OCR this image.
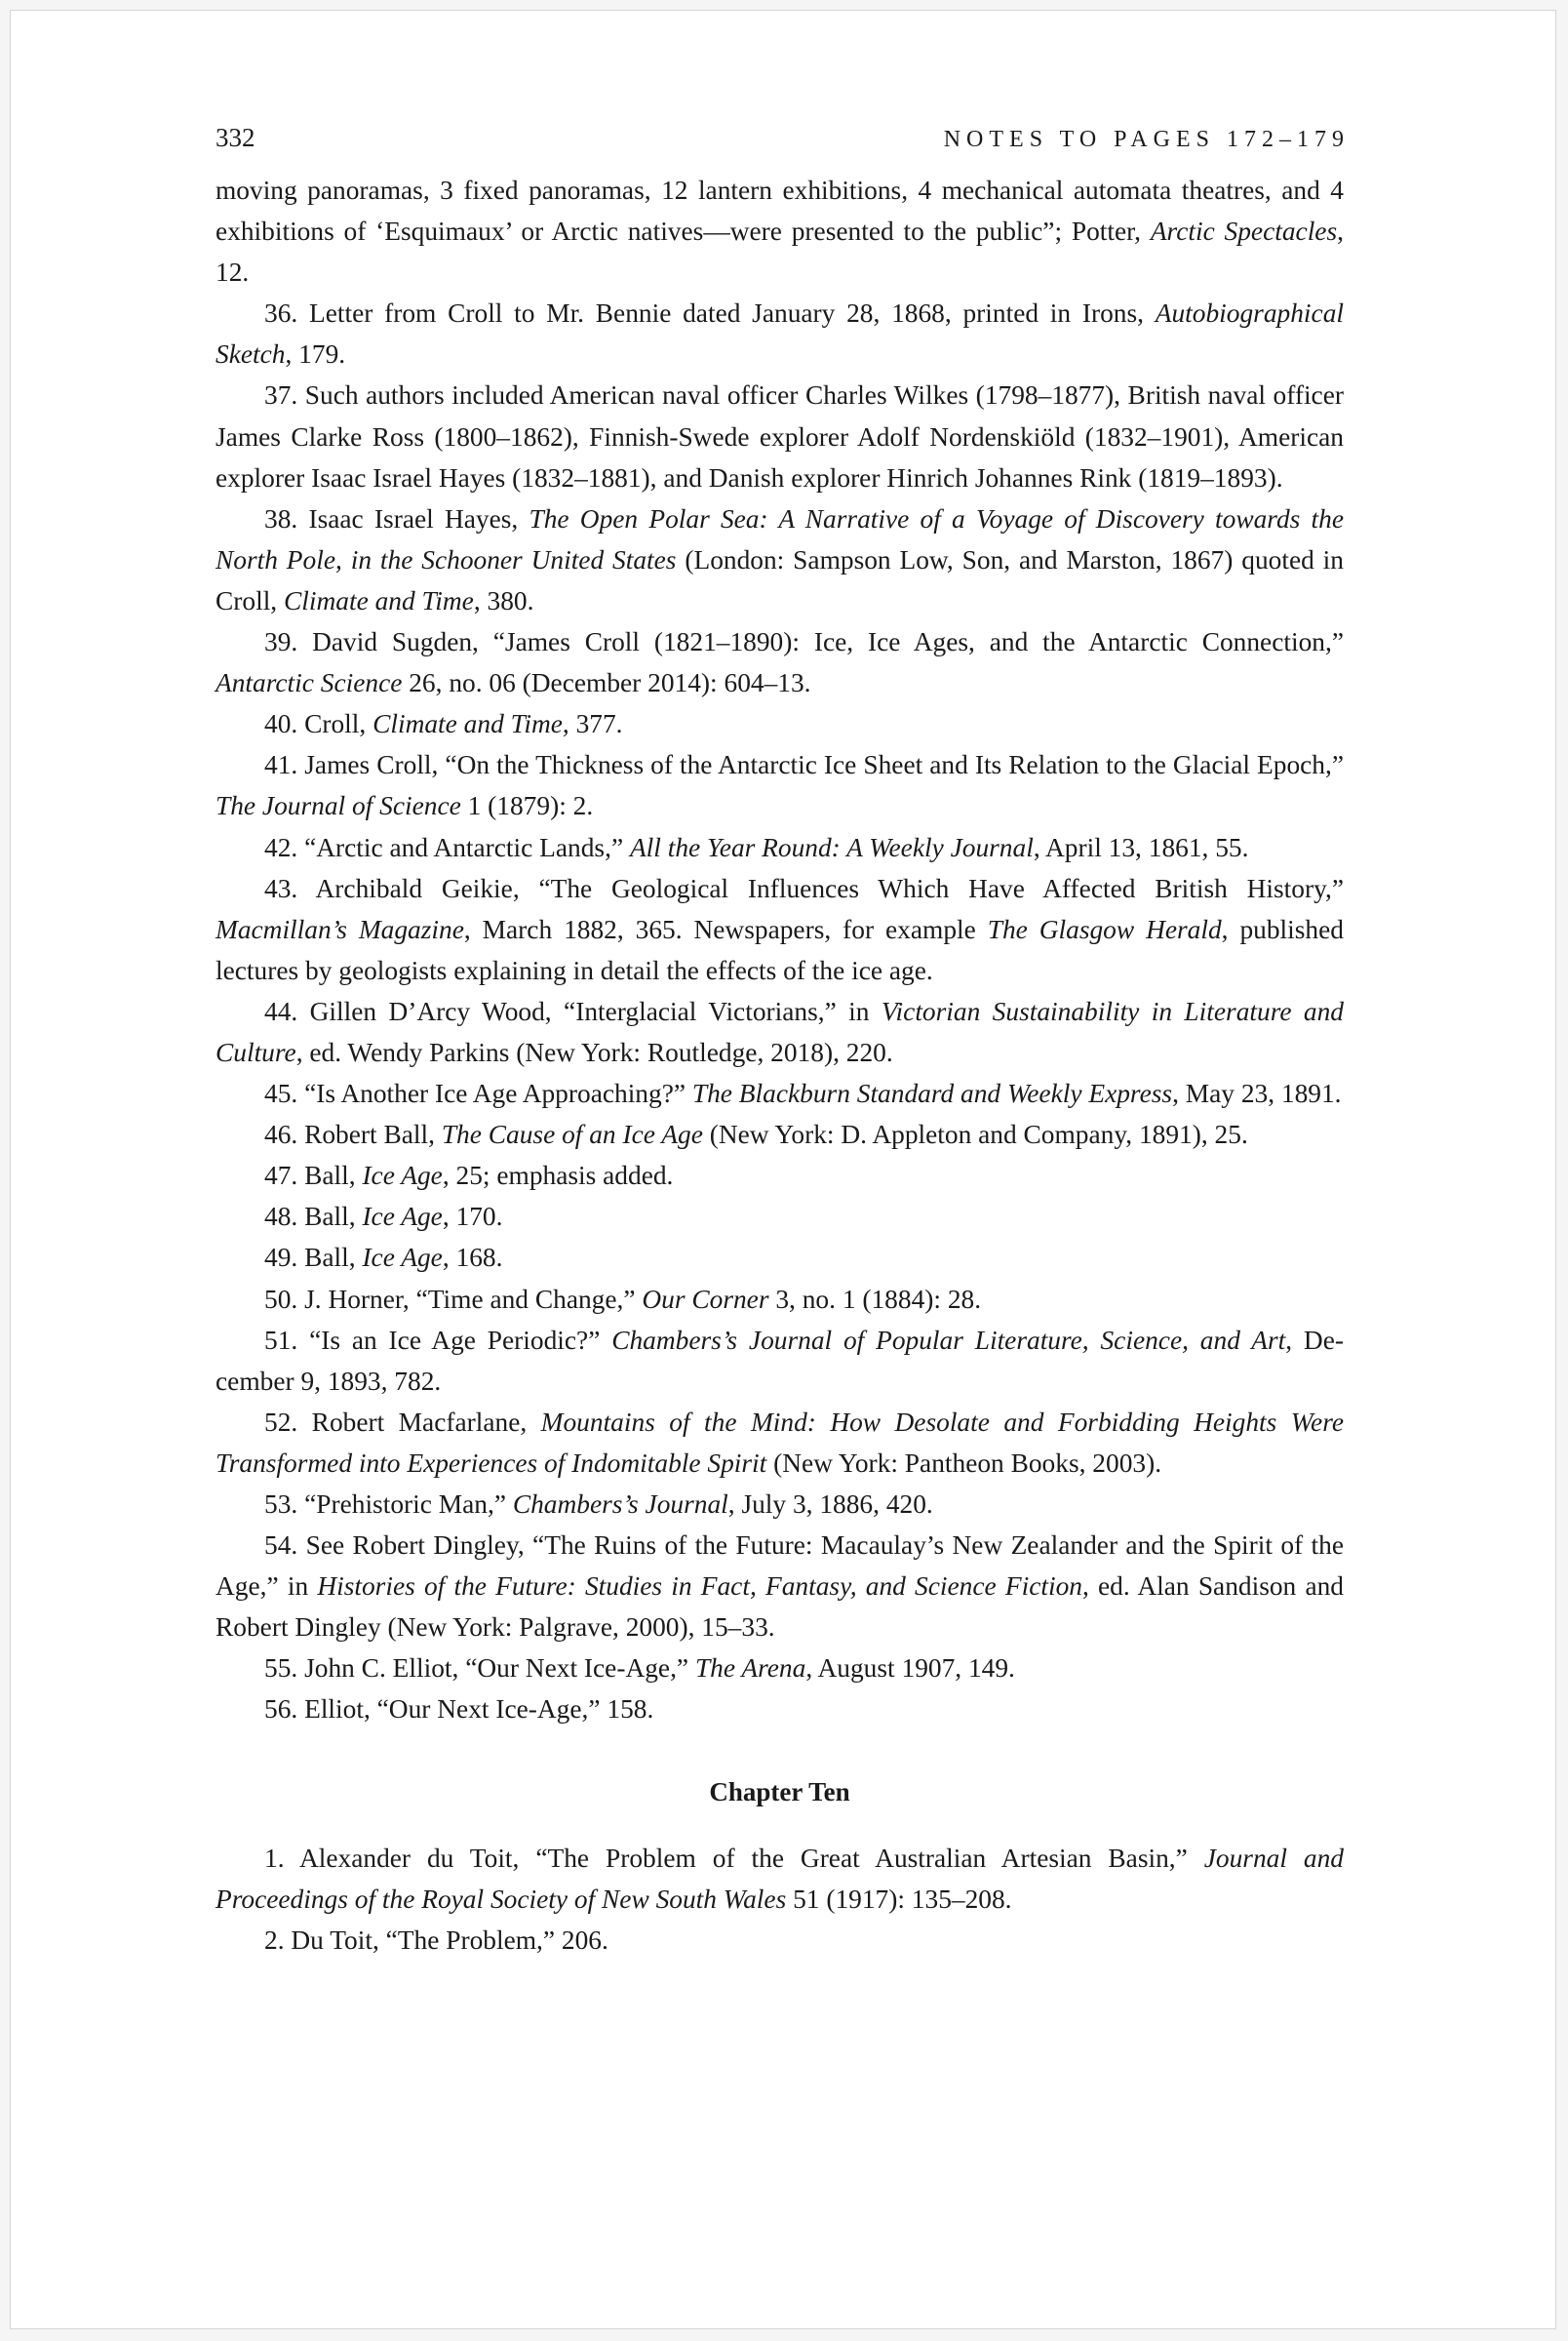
332	NOTES TO PAGES 172–179

moving panoramas, 3 fixed panoramas, 12 lantern exhibitions, 4 mechanical automata theatres, and 4 exhibitions of ‘Esquimaux’ or Arctic natives—were presented to the public”; Potter, Arctic Spectacles, 12.

36. Letter from Croll to Mr. Bennie dated January 28, 1868, printed in Irons, Autobiographical Sketch, 179.

37. Such authors included American naval officer Charles Wilkes (1798–1877), British naval officer James Clarke Ross (1800–1862), Finnish-Swede explorer Adolf Nordenskiöld (1832–1901), American explorer Isaac Israel Hayes (1832–1881), and Danish explorer Hinrich Johannes Rink (1819–1893).

38. Isaac Israel Hayes, The Open Polar Sea: A Narrative of a Voyage of Discovery towards the North Pole, in the Schooner United States (London: Sampson Low, Son, and Marston, 1867) quoted in Croll, Climate and Time, 380.

39. David Sugden, “James Croll (1821–1890): Ice, Ice Ages, and the Antarctic Connection,” Antarctic Science 26, no. 06 (December 2014): 604–13.

40. Croll, Climate and Time, 377.

41. James Croll, “On the Thickness of the Antarctic Ice Sheet and Its Relation to the Glacial Epoch,” The Journal of Science 1 (1879): 2.

42. “Arctic and Antarctic Lands,” All the Year Round: A Weekly Journal, April 13, 1861, 55.

43. Archibald Geikie, “The Geological Influences Which Have Affected British History,” Macmillan’s Magazine, March 1882, 365. Newspapers, for example The Glasgow Herald, published lectures by geologists explaining in detail the effects of the ice age.

44. Gillen D’Arcy Wood, “Interglacial Victorians,” in Victorian Sustainability in Literature and Culture, ed. Wendy Parkins (New York: Routledge, 2018), 220.

45. “Is Another Ice Age Approaching?” The Blackburn Standard and Weekly Express, May 23, 1891.

46. Robert Ball, The Cause of an Ice Age (New York: D. Appleton and Company, 1891), 25.

47. Ball, Ice Age, 25; emphasis added.

48. Ball, Ice Age, 170.

49. Ball, Ice Age, 168.

50. J. Horner, “Time and Change,” Our Corner 3, no. 1 (1884): 28.

51. “Is an Ice Age Periodic?” Chambers’s Journal of Popular Literature, Science, and Art, December 9, 1893, 782.

52. Robert Macfarlane, Mountains of the Mind: How Desolate and Forbidding Heights Were Transformed into Experiences of Indomitable Spirit (New York: Pantheon Books, 2003).

53. “Prehistoric Man,” Chambers’s Journal, July 3, 1886, 420.

54. See Robert Dingley, “The Ruins of the Future: Macaulay’s New Zealander and the Spirit of the Age,” in Histories of the Future: Studies in Fact, Fantasy, and Science Fiction, ed. Alan Sandison and Robert Dingley (New York: Palgrave, 2000), 15–33.

55. John C. Elliot, “Our Next Ice-Age,” The Arena, August 1907, 149.

56. Elliot, “Our Next Ice-Age,” 158.

Chapter Ten

1. Alexander du Toit, “The Problem of the Great Australian Artesian Basin,” Journal and Proceedings of the Royal Society of New South Wales 51 (1917): 135–208.

2. Du Toit, “The Problem,” 206.
